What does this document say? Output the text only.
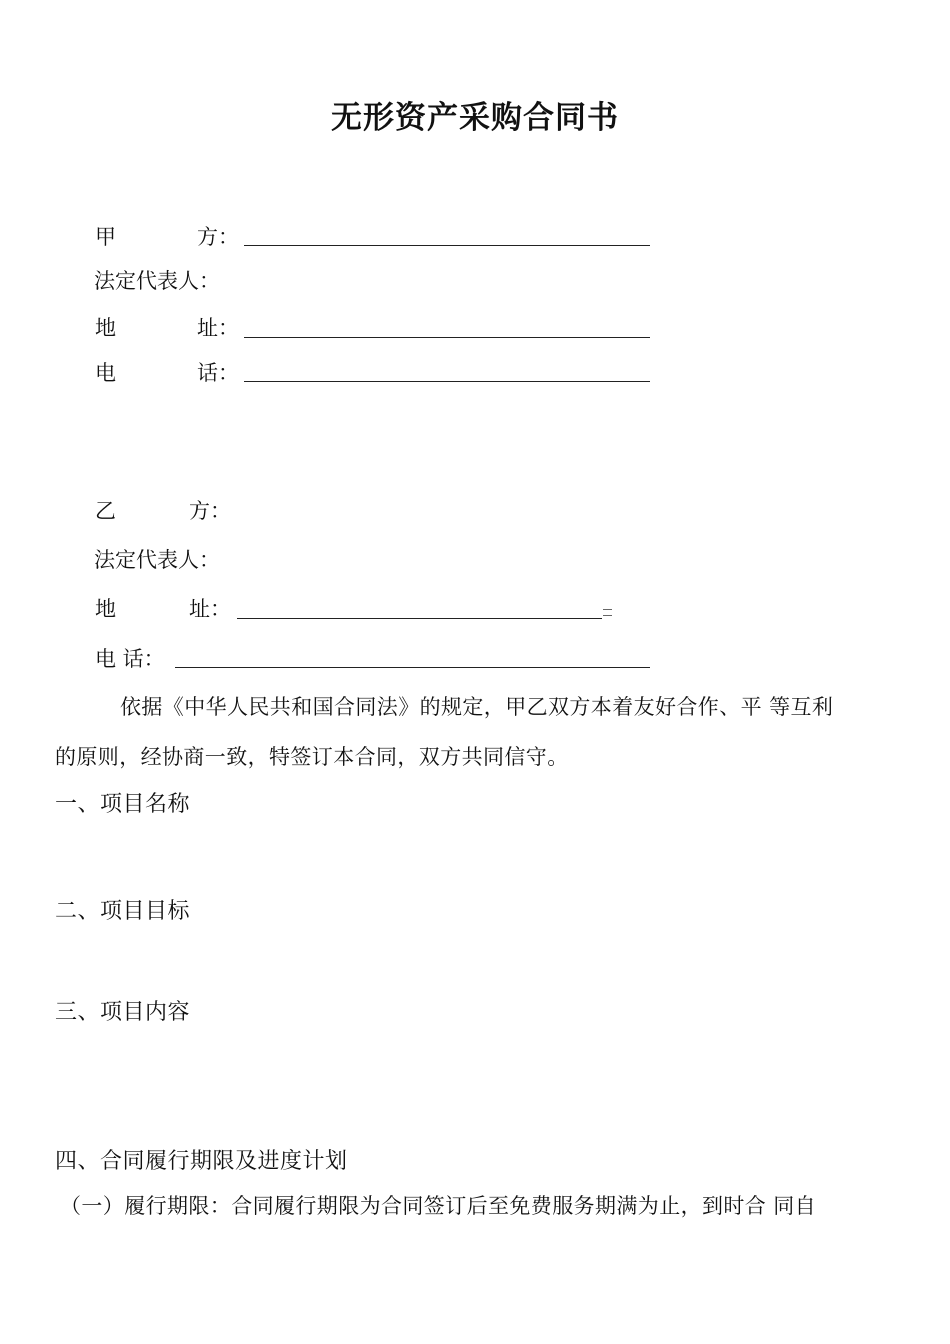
无形资产采购合同书
甲	方：
法定代表人：
地	址：
电	话：
乙	方：
法定代表人：
地	址：
电 话：
依据《中华人民共和国合同法》的规定，甲乙双方本着友好合作、平 等互利
的原则，经协商一致，特签订本合同，双方共同信守。
一、项目名称
二、项目目标
三、项目内容
四、合同履行期限及进度计划
（一）履行期限：合同履行期限为合同签订后至免费服务期满为止，到时合 同自
